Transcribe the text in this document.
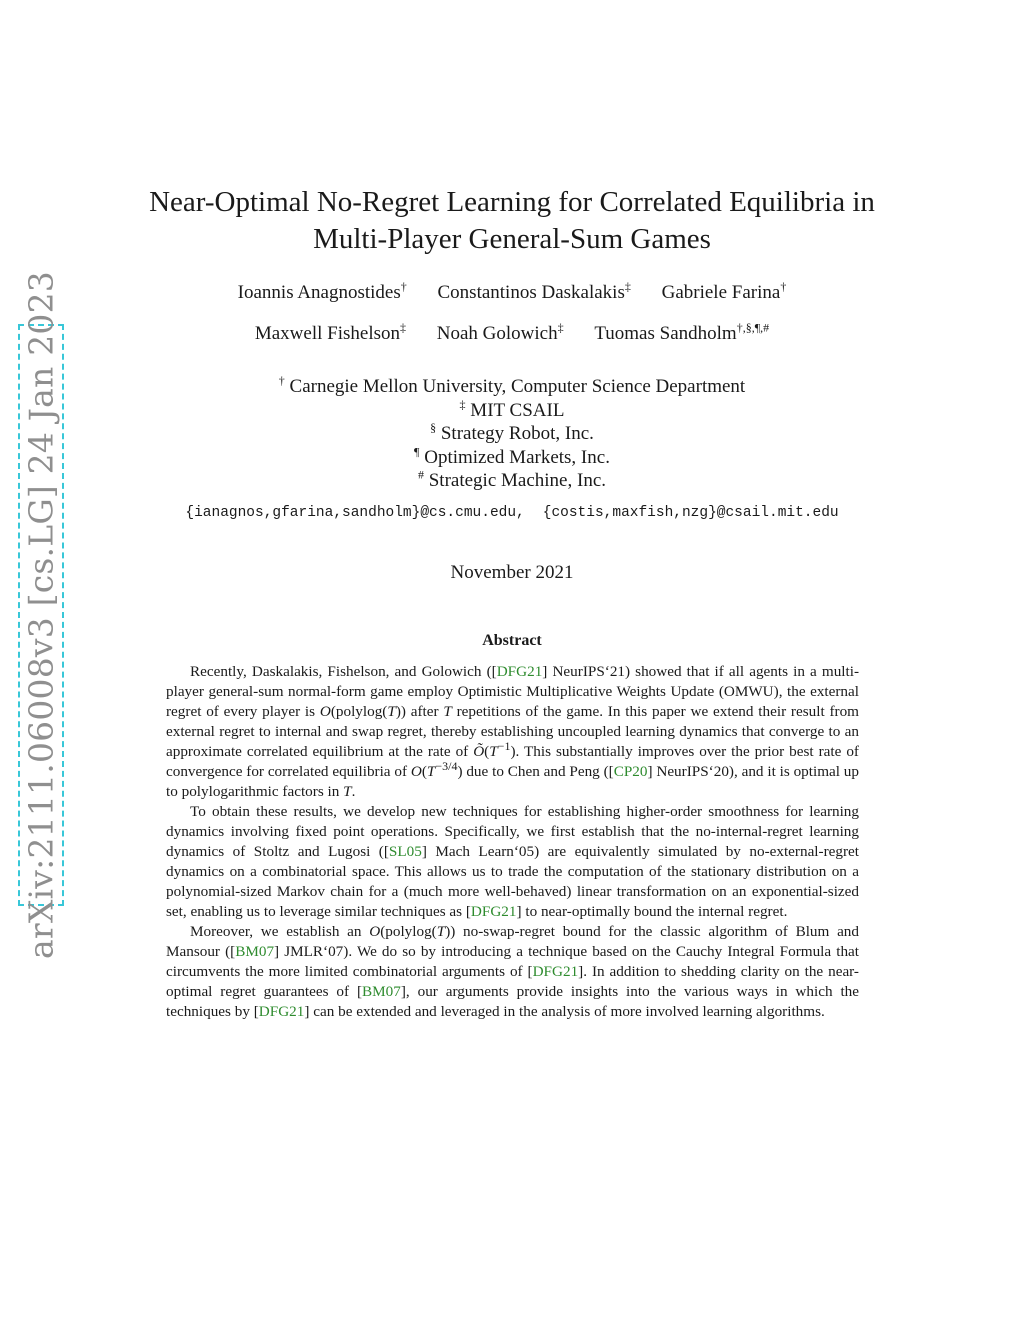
arXiv:2111.06008v3 [cs.LG] 24 Jan 2023
Near-Optimal No-Regret Learning for Correlated Equilibria in
Multi-Player General-Sum Games
Ioannis Anagnostides† Constantinos Daskalakis‡ Gabriele Farina†
Maxwell Fishelson‡ Noah Golowich‡ Tuomas Sandholm†,§,¶,#
† Carnegie Mellon University, Computer Science Department
‡ MIT CSAIL
§ Strategy Robot, Inc.
¶ Optimized Markets, Inc.
# Strategic Machine, Inc.
{ianagnos,gfarina,sandholm}@cs.cmu.edu, {costis,maxfish,nzg}@csail.mit.edu
November 2021
Abstract

Recently, Daskalakis, Fishelson, and Golowich ([DFG21] NeurIPS‘21) showed that if all agents in a multi-player general-sum normal-form game employ Optimistic Multiplicative Weights Update (OMWU), the external regret of every player is O(polylog(T)) after T repetitions of the game. In this paper we extend their result from external regret to internal and swap regret, thereby establishing uncoupled learning dynamics that converge to an approximate correlated equilibrium at the rate of $Õ(T^{-1})$. This substantially improves over the prior best rate of convergence for correlated equilibria of $O(T^{-3/4})$ due to Chen and Peng ([CP20] NeurIPS‘20), and it is optimal up to polylogarithmic factors in T.

To obtain these results, we develop new techniques for establishing higher-order smoothness for learning dynamics involving fixed point operations. Specifically, we first establish that the no-internal-regret learning dynamics of Stoltz and Lugosi ([SL05] Mach Learn‘05) are equivalently simulated by no-external-regret dynamics on a combinatorial space. This allows us to trade the computation of the stationary distribution on a polynomial-sized Markov chain for a (much more well-behaved) linear transformation on an exponential-sized set, enabling us to leverage similar techniques as [DFG21] to near-optimally bound the internal regret.

Moreover, we establish an O(polylog(T)) no-swap-regret bound for the classic algorithm of Blum and Mansour ([BM07] JMLR‘07). We do so by introducing a technique based on the Cauchy Integral Formula that circumvents the more limited combinatorial arguments of [DFG21]. In addition to shedding clarity on the near-optimal regret guarantees of [BM07], our arguments provide insights into the various ways in which the techniques by [DFG21] can be extended and leveraged in the analysis of more involved learning algorithms.
